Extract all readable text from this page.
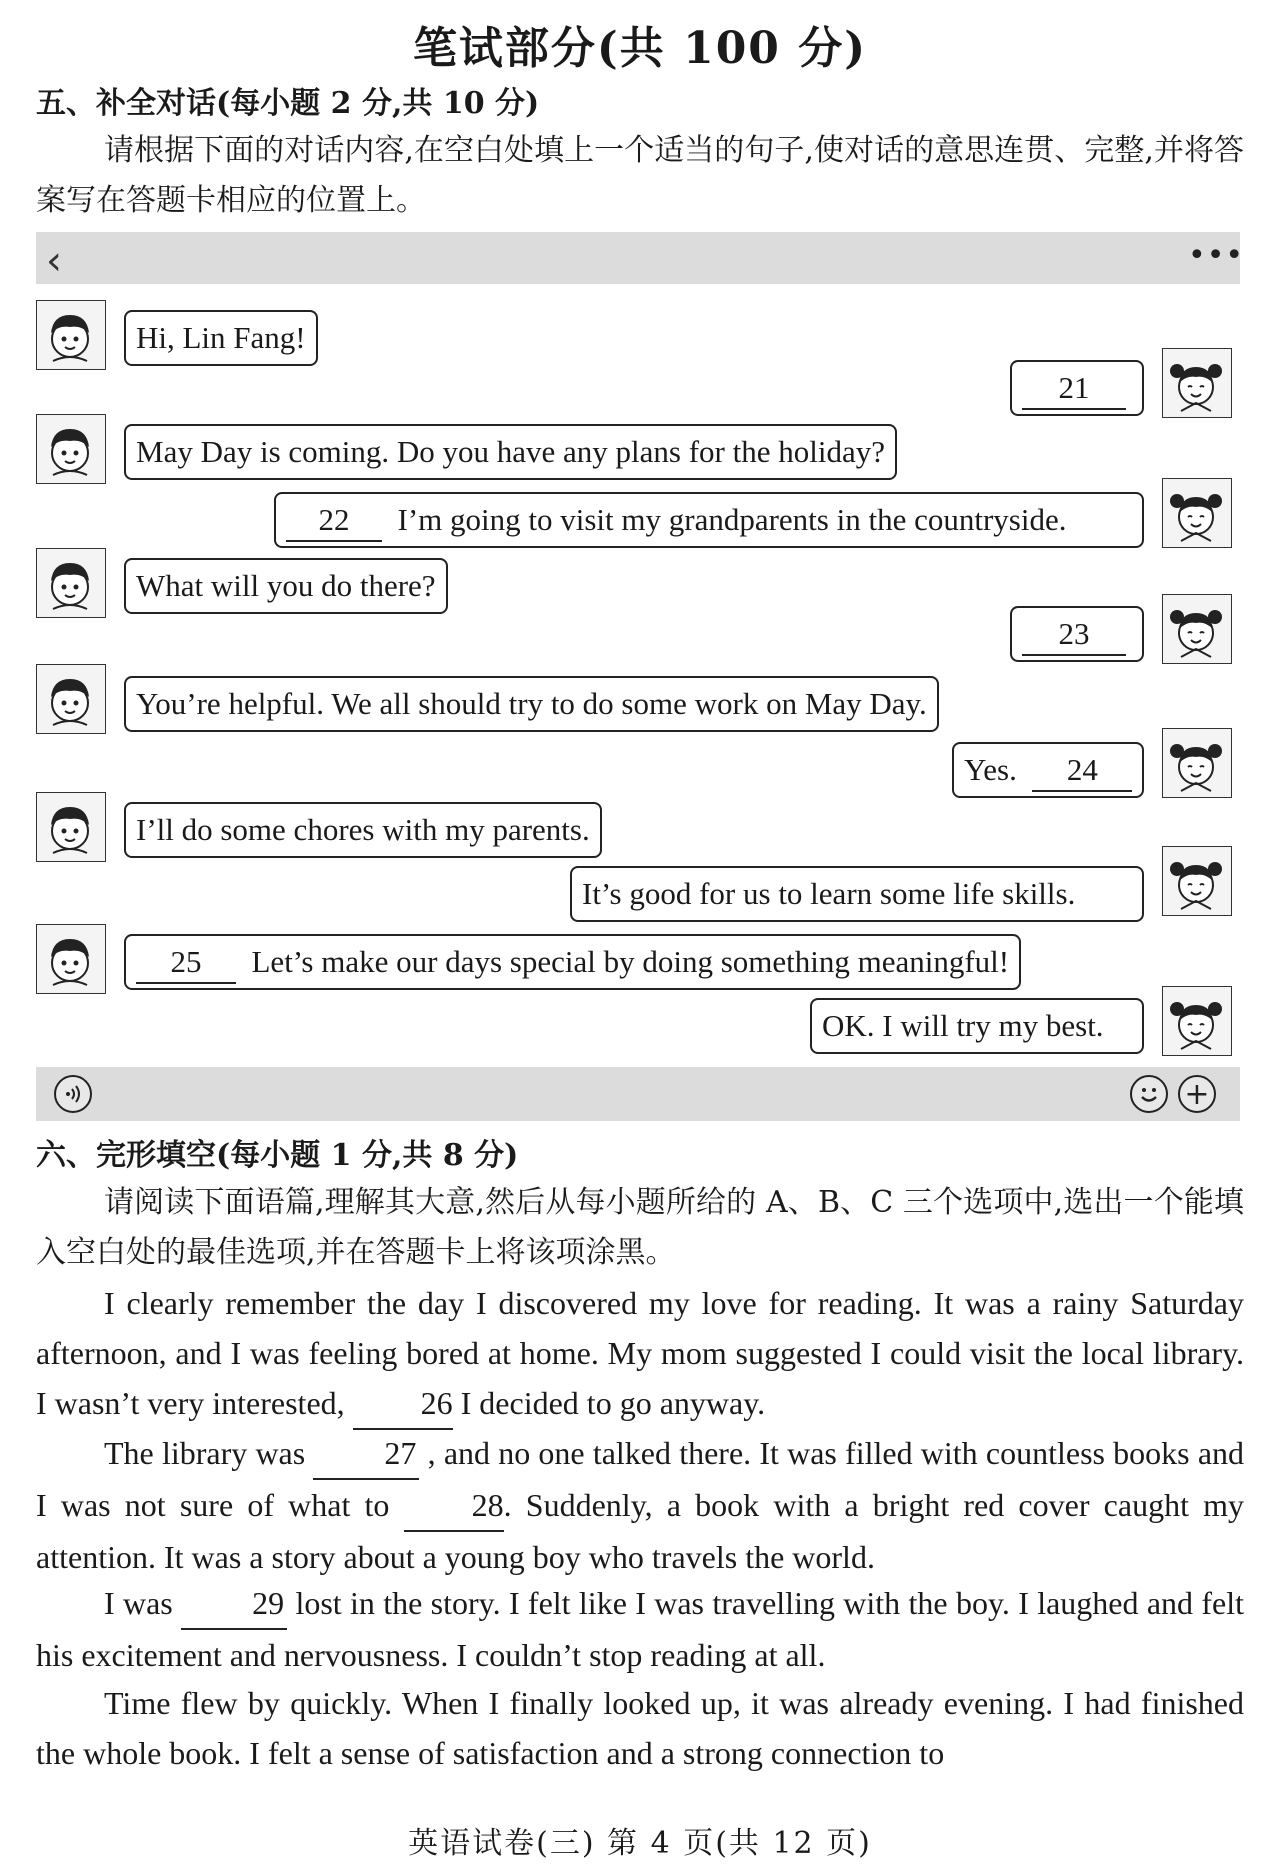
笔试部分(共 100 分)
五、补全对话(每小题 2 分,共 10 分)
请根据下面的对话内容,在空白处填上一个适当的句子,使对话的意思连贯、完整,并将答案写在答题卡相应的位置上。
‹	•••
Hi, Lin Fang!
May Day is coming. Do you have any plans for the holiday?
What will you do there?
You’re helpful. We all should try to do some work on May Day.
I’ll do some chores with my parents.
25 Let’s make our days special by doing something meaningful!
21
22 I’m going to visit my grandparents in the countryside.
23
Yes. 24
It’s good for us to learn some life skills.
OK. I will try my best.
+
六、完形填空(每小题 1 分,共 8 分)
请阅读下面语篇,理解其大意,然后从每小题所给的 A、B、C 三个选项中,选出一个能填入空白处的最佳选项,并在答题卡上将该项涂黑。
I clearly remember the day I discovered my love for reading. It was a rainy Saturday afternoon, and I was feeling bored at home. My mom suggested I could visit the local library. I wasn’t very interested, 26 I decided to go anyway.
The library was 27 , and no one talked there. It was filled with countless books and I was not sure of what to	28. Suddenly, a book with a bright red cover caught my attention. It was a story about a young boy who travels the world.
I was 29 lost in the story. I felt like I was travelling with the boy. I laughed and felt his excitement and nervousness. I couldn’t stop reading at all.
Time flew by quickly. When I finally looked up, it was already evening. I had finished the whole book. I felt a sense of satisfaction and a strong connection to
英语试卷(三) 第 4 页(共 12 页)
